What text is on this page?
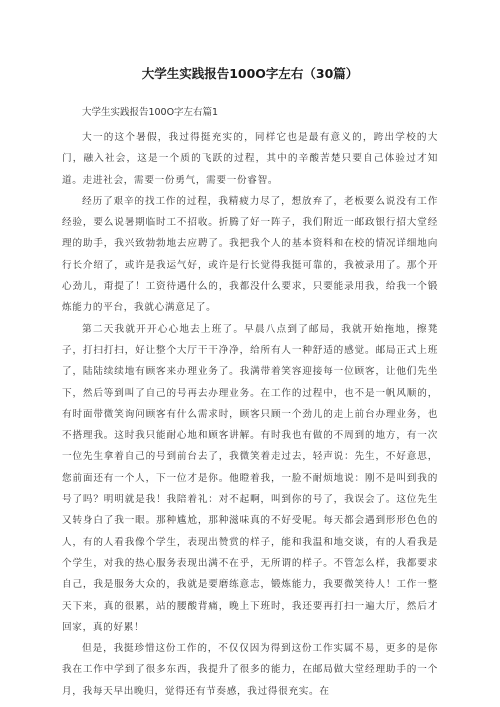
大学生实践报告100O字左右（30篇）

大学生实践报告100O字左右篇1

大一的这个暑假，我过得挺充实的，同样它也是最有意义的，跨出学校的大门，融入社会，这是一个质的飞跃的过程，其中的辛酸苦楚只要自己体验过才知道。走进社会，需要一份勇气，需要一份睿智。

经历了艰辛的找工作的过程，我精疲力尽了，想放弃了，老板要么说没有工作经验，要么说暑期临时工不招收。折腾了好一阵子，我们附近一邮政银行招大堂经理的助手，我兴致勃勃地去应聘了。我把我个人的基本资料和在校的情况详细地向行长介绍了，或许是我运气好，或许是行长觉得我挺可靠的，我被录用了。那个开心劲儿，甭提了！工资待遇什么的，我都没什么要求，只要能录用我，给我一个锻炼能力的平台，我就心满意足了。

第二天我就开开心心地去上班了。早晨八点到了邮局，我就开始拖地，擦凳子，打扫打扫，好让整个大厅干干净净，给所有人一种舒适的感觉。邮局正式上班了，陆陆续续地有顾客来办理业务了。我满带着笑容迎接每一位顾客，让他们先坐下，然后等到叫了自己的号再去办理业务。在工作的过程中，也不是一帆风顺的，有时面带微笑询问顾客有什么需求时，顾客只顾一个劲儿的走上前台办理业务，也不搭理我。这时我只能耐心地和顾客讲解。有时我也有做的不周到的地方，有一次一位先生拿着自己的号到前台去了，我微笑着走过去，轻声说：先生，不好意思，您前面还有一个人，下一位才是你。他瞪着我，一脸不耐烦地说：刚不是叫到我的号了吗？明明就是我！我陪着礼：对不起啊，叫到你的号了，我误会了。这位先生又转身白了我一眼。那种尴尬，那种滋味真的不好受呢。每天都会遇到形形色色的人，有的人看我像个学生，表现出赞赏的样子，能和我温和地交谈，有的人看我是个学生，对我的热心服务表现出满不在乎，无所谓的样子。不管怎么样，我都要求自己，我是服务大众的，我就是要磨练意志，锻炼能力，我要微笑待人！工作一整天下来，真的很累，站的腰酸背痛，晚上下班时，我还要再打扫一遍大厅，然后才回家，真的好累！

但是，我挺珍惜这份工作的，不仅仅因为得到这份工作实属不易，更多的是你我在工作中学到了很多东西，我提升了很多的能力，在邮局做大堂经理助手的一个月，我每天早出晚归，觉得还有节奏感，我过得很充实。在
